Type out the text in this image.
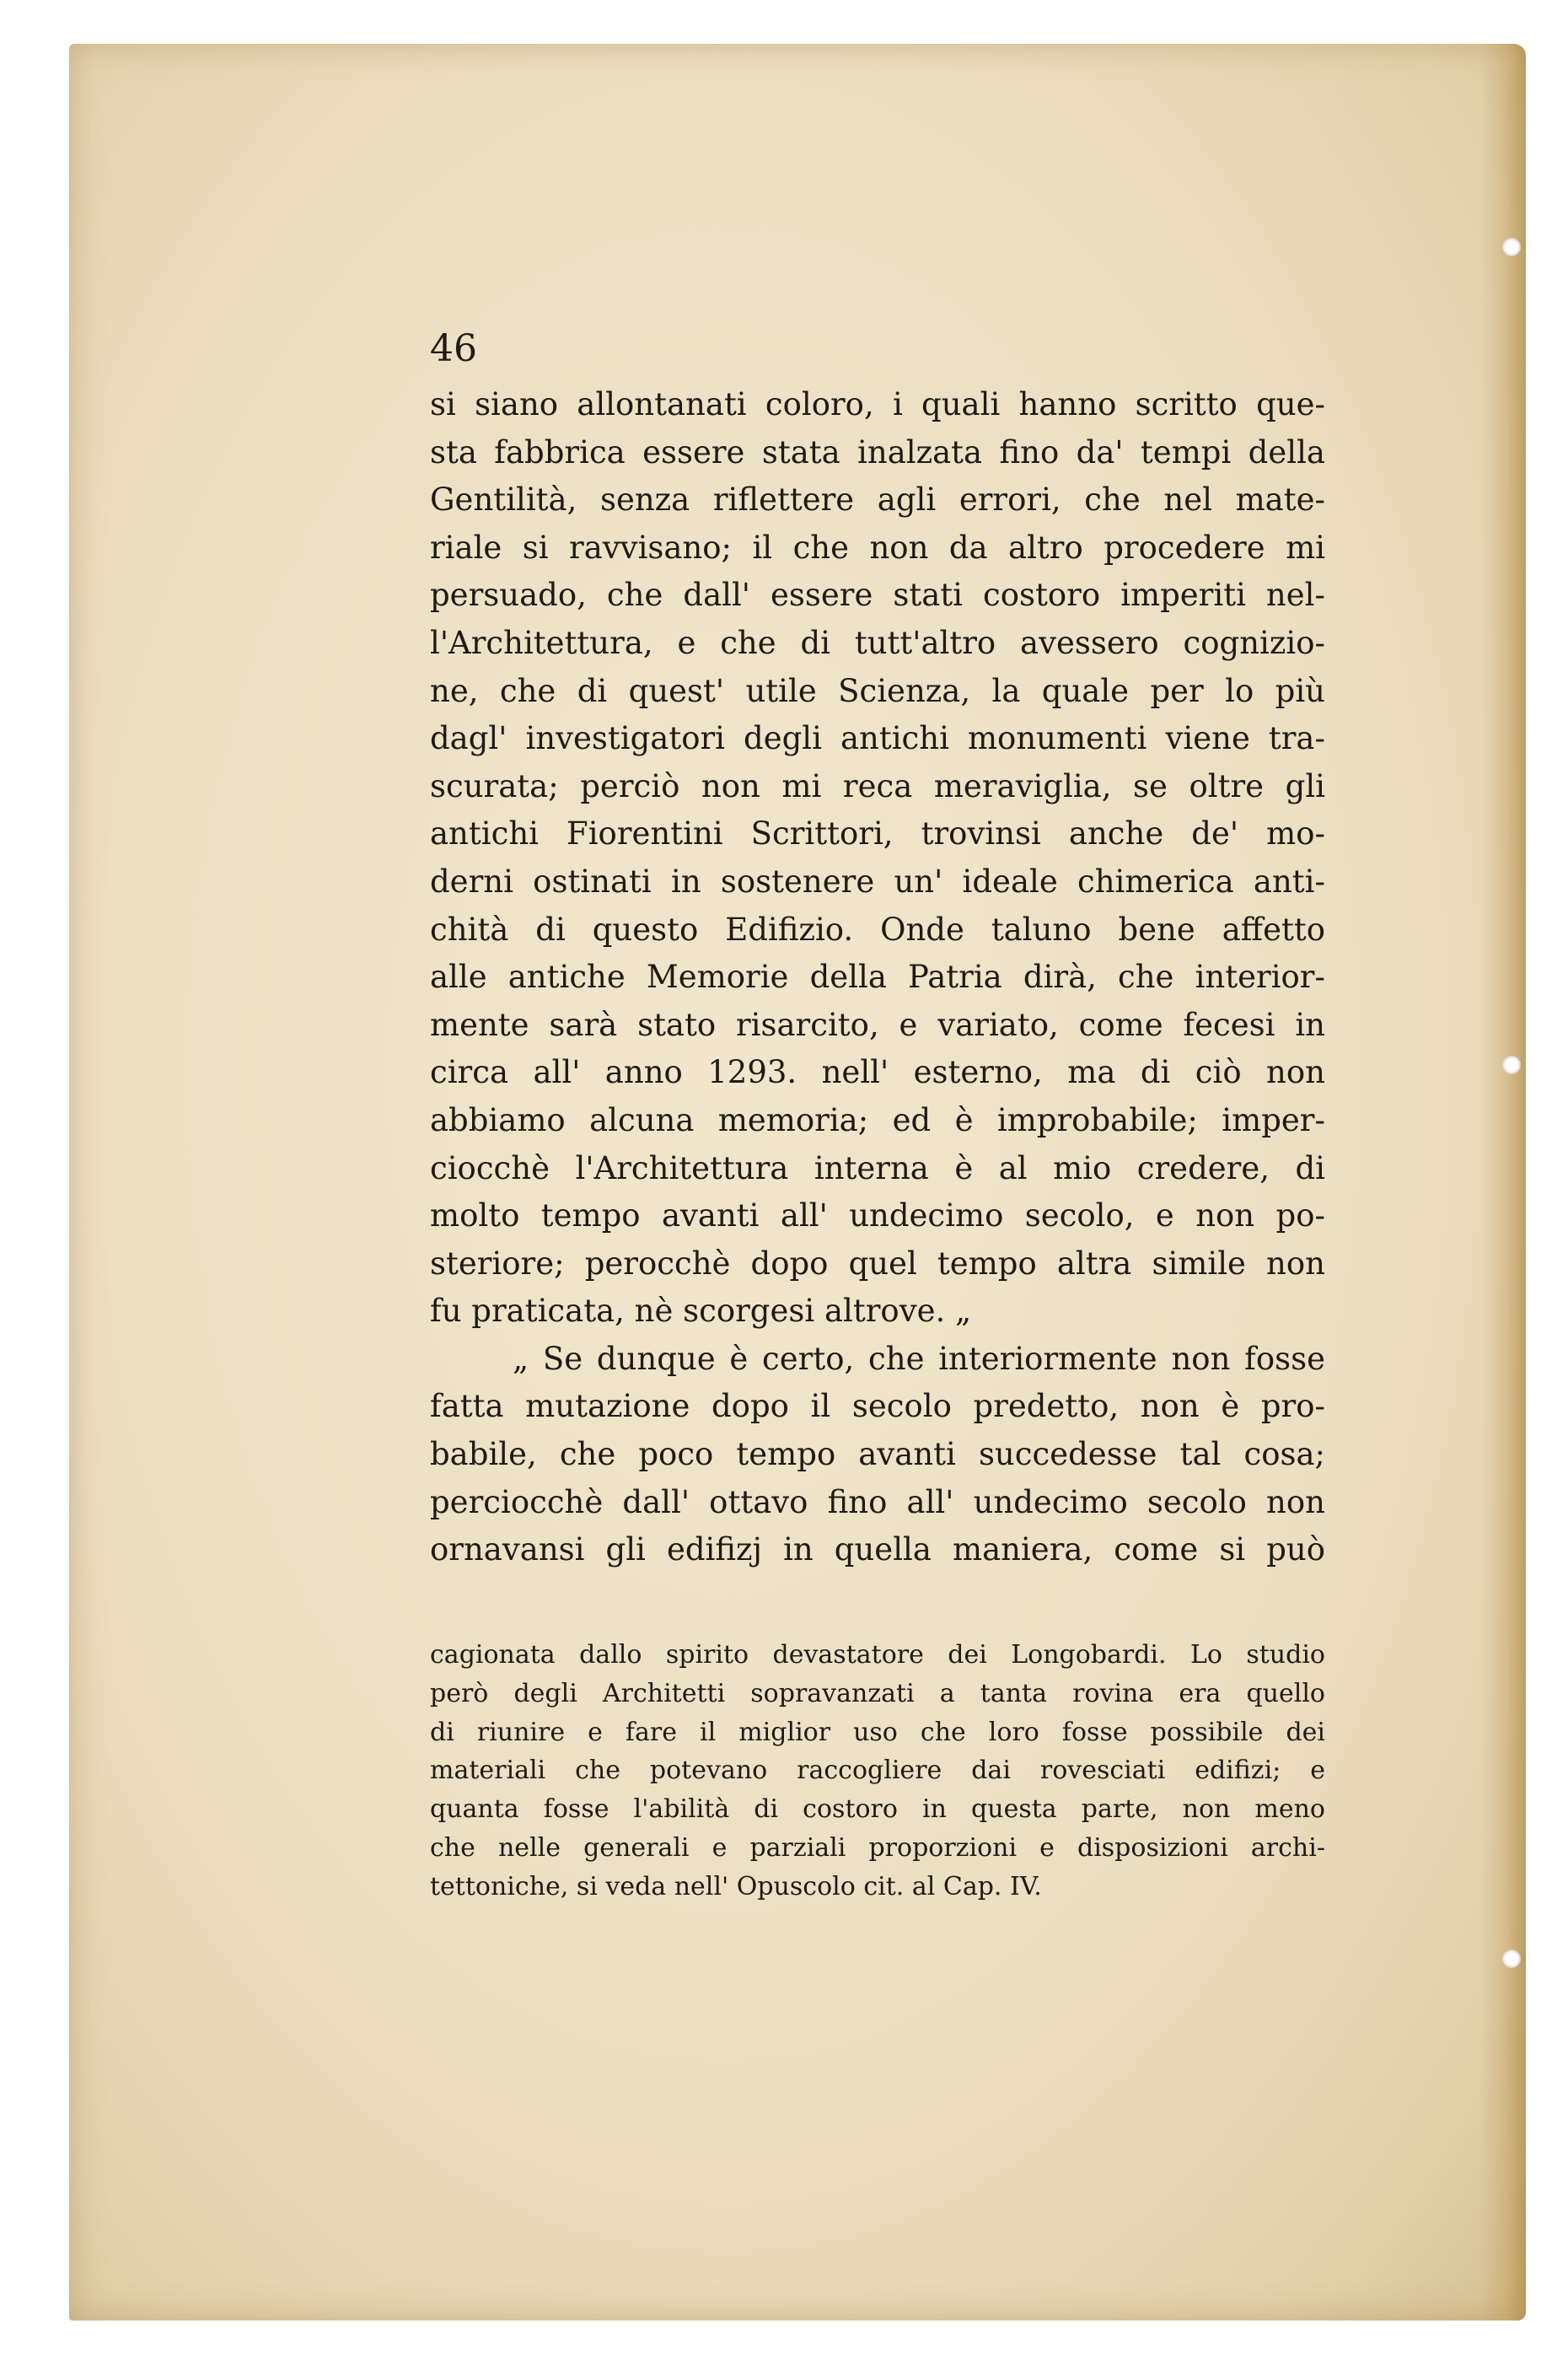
46
si siano allontanati coloro, i quali hanno scritto que-
sta fabbrica essere stata inalzata fino da' tempi della
Gentilità, senza riflettere agli errori, che nel mate-
riale si ravvisano; il che non da altro procedere mi
persuado, che dall' essere stati costoro imperiti nel-
l'Architettura, e che di tutt'altro avessero cognizio-
ne, che di quest' utile Scienza, la quale per lo più
dagl' investigatori degli antichi monumenti viene tra-
scurata; perciò non mi reca meraviglia, se oltre gli
antichi Fiorentini Scrittori, trovinsi anche de' mo-
derni ostinati in sostenere un' ideale chimerica anti-
chità di questo Edifizio. Onde taluno bene affetto
alle antiche Memorie della Patria dirà, che interior-
mente sarà stato risarcito, e variato, come fecesi in
circa all' anno 1293. nell' esterno, ma di ciò non
abbiamo alcuna memoria; ed è improbabile; imper-
ciocchè l'Architettura interna è al mio credere, di
molto tempo avanti all' undecimo secolo, e non po-
steriore; perocchè dopo quel tempo altra simile non
fu praticata, nè scorgesi altrove. „
„ Se dunque è certo, che interiormente non fosse
fatta mutazione dopo il secolo predetto, non è pro-
babile, che poco tempo avanti succedesse tal cosa;
perciocchè dall' ottavo fino all' undecimo secolo non
ornavansi gli edifizj in quella maniera, come si può
cagionata dallo spirito devastatore dei Longobardi. Lo studio
però degli Architetti sopravanzati a tanta rovina era quello
di riunire e fare il miglior uso che loro fosse possibile dei
materiali che potevano raccogliere dai rovesciati edifizi; e
quanta fosse l'abilità di costoro in questa parte, non meno
che nelle generali e parziali proporzioni e disposizioni archi-
tettoniche, si veda nell' Opuscolo cit. al Cap. IV.
